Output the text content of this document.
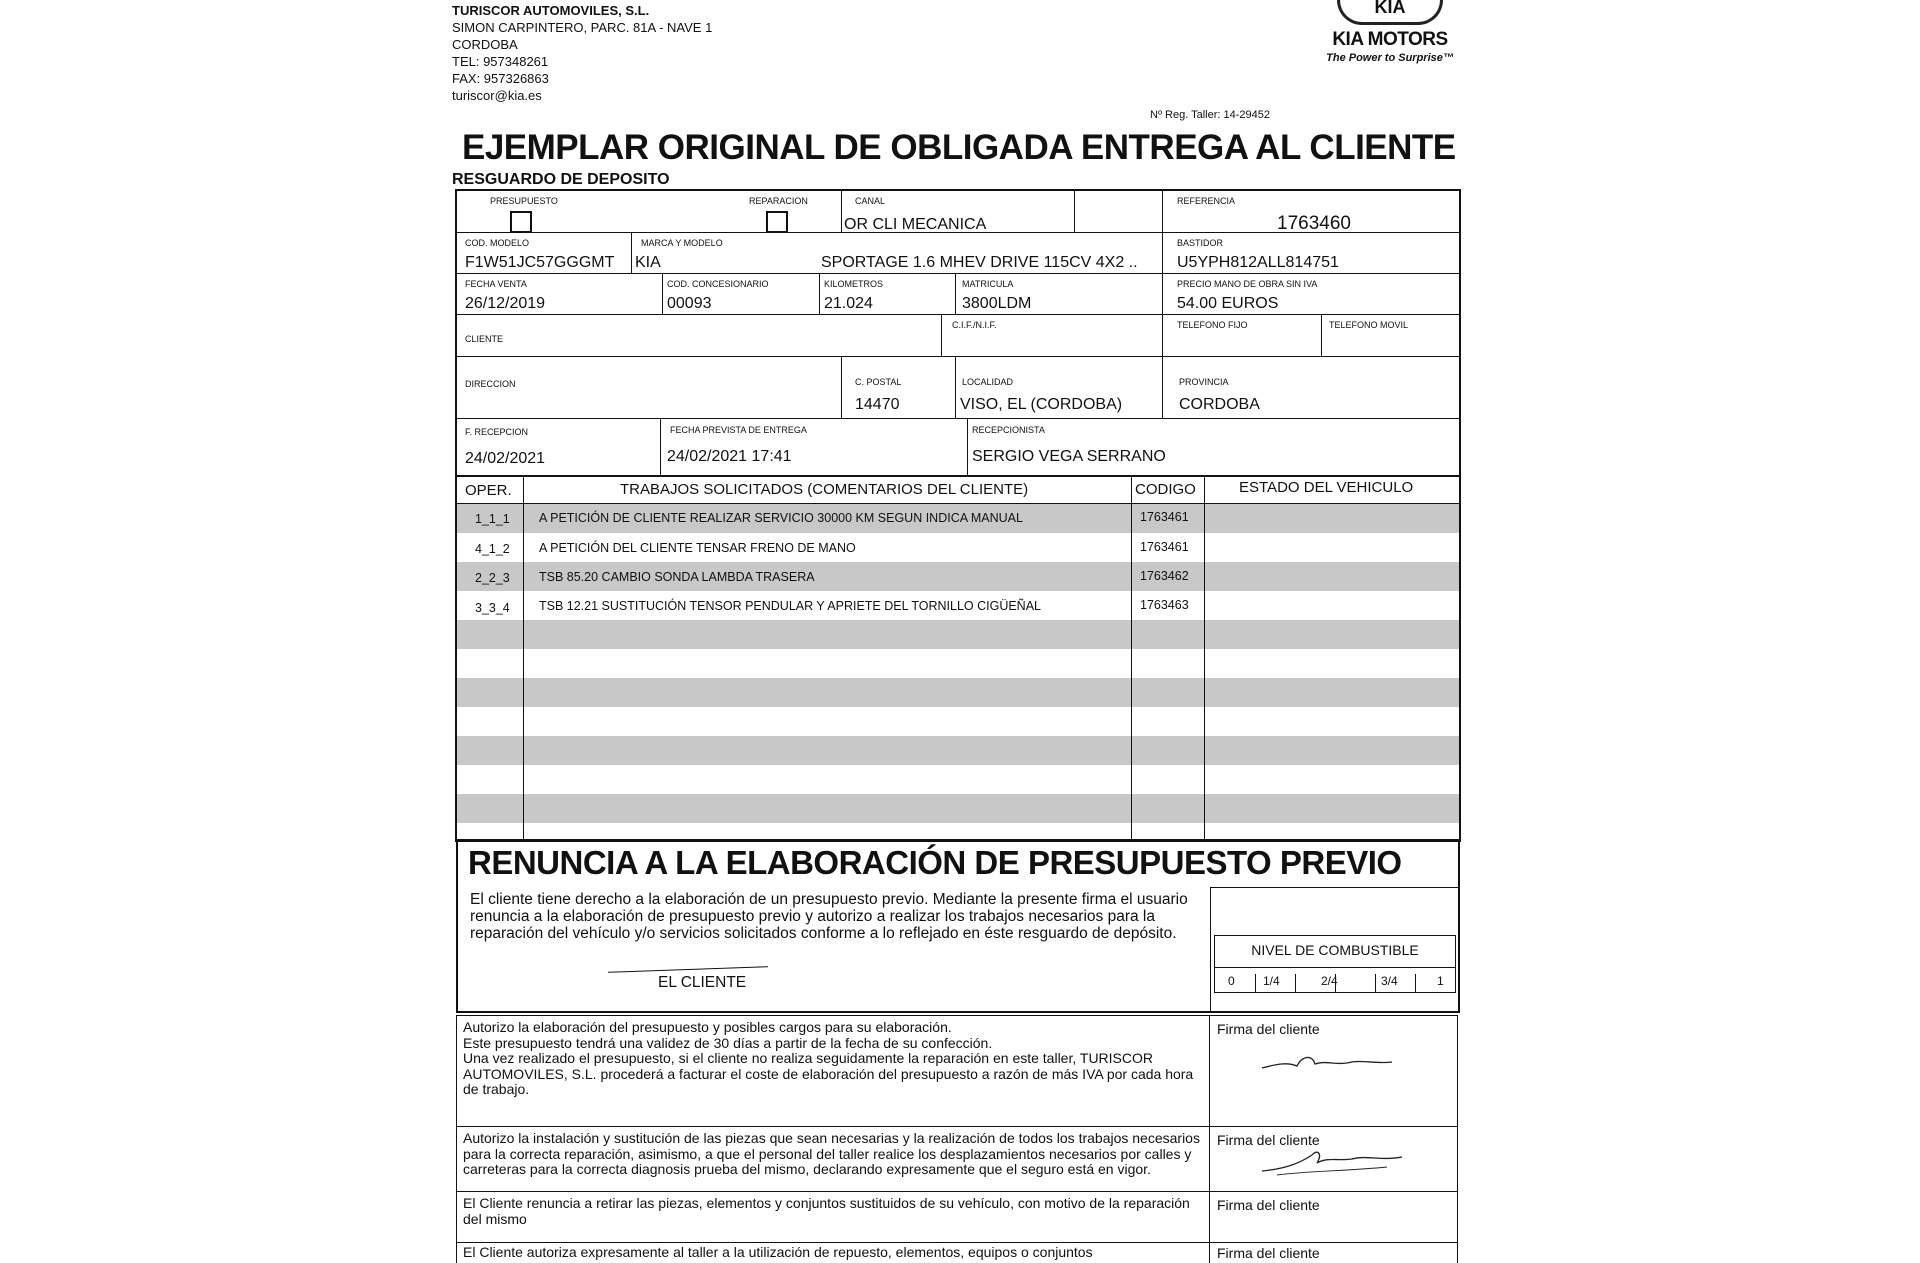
TURISCOR AUTOMOVILES, S.L.
SIMON CARPINTERO, PARC. 81A - NAVE 1
CORDOBA
TEL: 957348261
FAX: 957326863
turiscor@kia.es
KIA
KIA MOTORS
The Power to Surprise™
Nº Reg. Taller: 14-29452
EJEMPLAR ORIGINAL DE OBLIGADA ENTREGA AL CLIENTE
RESGUARDO DE DEPOSITO
PRESUPUESTO	REPARACION	CANAL
OR CLI MECANICA
REFERENCIA
1763460
COD. MODELO
F1W51JC57GGGMT
MARCA Y MODELO
KIA	SPORTAGE 1.6 MHEV DRIVE 115CV 4X2 ..
BASTIDOR
U5YPH812ALL814751
FECHA VENTA
26/12/2019
COD. CONCESIONARIO
00093
KILOMETROS
21.024
MATRICULA
3800LDM
PRECIO MANO DE OBRA SIN IVA
54.00 EUROS
CLIENTE
C.I.F./N.I.F.	TELEFONO FIJO	TELEFONO MOVIL
DIRECCION	C. POSTAL
14470
LOCALIDAD
VISO, EL (CORDOBA)
PROVINCIA
CORDOBA
F. RECEPCION
24/02/2021
FECHA PREVISTA DE ENTREGA
24/02/2021 17:41
RECEPCIONISTA
SERGIO VEGA SERRANO
OPER.	TRABAJOS SOLICITADOS (COMENTARIOS DEL CLIENTE)	CODIGO	ESTADO DEL VEHICULO
1_1_1 A PETICIÓN DE CLIENTE REALIZAR SERVICIO 30000 KM SEGUN INDICA MANUAL	1763461
4_1_2 A PETICIÓN DEL CLIENTE TENSAR FRENO DE MANO	1763461
2_2_3 TSB 85.20 CAMBIO SONDA LAMBDA TRASERA	1763462
3_3_4 TSB 12.21 SUSTITUCIÓN TENSOR PENDULAR Y APRIETE DEL TORNILLO CIGÜEÑAL	1763463
RENUNCIA A LA ELABORACIÓN DE PRESUPUESTO PREVIO
El cliente tiene derecho a la elaboración de un presupuesto previo. Mediante la presente firma el usuario renuncia a la elaboración de presupuesto previo y autorizo a realizar los trabajos necesarios para la reparación del vehículo y/o servicios solicitados conforme a lo reflejado en éste resguardo de depósito.
EL CLIENTE
NIVEL DE COMBUSTIBLE
0 1/4	2/4	3/4	1
Autorizo la elaboración del presupuesto y posibles cargos para su elaboración.
Este presupuesto tendrá una validez de 30 días a partir de la fecha de su confección.
Una vez realizado el presupuesto, si el cliente no realiza seguidamente la reparación en este taller, TURISCOR AUTOMOVILES, S.L. procederá a facturar el coste de elaboración del presupuesto a razón de más IVA por cada hora de trabajo.
Firma del cliente
Autorizo la instalación y sustitución de las piezas que sean necesarias y la realización de todos los trabajos necesarios para la correcta reparación, asimismo, a que el personal del taller realice los desplazamientos necesarios por calles y carreteras para la correcta diagnosis prueba del mismo, declarando expresamente que el seguro está en vigor.
Firma del cliente
El Cliente renuncia a retirar las piezas, elementos y conjuntos sustituidos de su vehículo, con motivo de la reparación del mismo
Firma del cliente
El Cliente autoriza expresamente al taller a la utilización de repuesto, elementos, equipos o conjuntos	Firma del cliente
